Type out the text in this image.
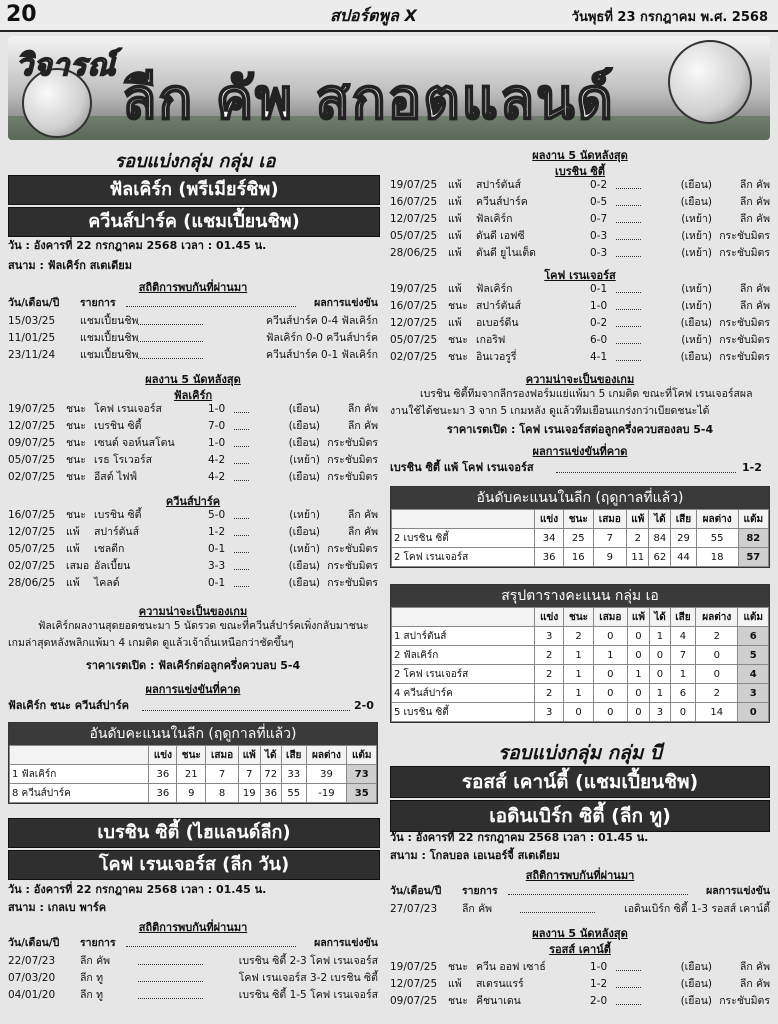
20	สปอร์ตพูล X	วันพุธที่ 23 กรกฎาคม พ.ศ. 2568
วิจารณ์
ลีก คัพ สกอตแลนด์
รอบแบ่งกลุ่ม กลุ่ม เอ
ฟัลเคิร์ก (พรีเมียร์ชิพ)
ควีนส์ปาร์ค (แชมเปี้ยนชิพ)
วัน : อังคารที่ 22 กรกฎาคม 2568 เวลา : 01.45 น.
สนาม : ฟัลเคิร์ก สเตเดียม
สถิติการพบกันที่ผ่านมา
วัน/เดือน/ปี รายการ	ผลการแข่งขัน
15/03/25 แชมเปี้ยนชิพ	ควีนส์ปาร์ค 0-4 ฟัลเคิร์ก
11/01/25 แชมเปี้ยนชิพ	ฟัลเคิร์ก 0-0 ควีนส์ปาร์ค
23/11/24 แชมเปี้ยนชิพ	ควีนส์ปาร์ค 0-1 ฟัลเคิร์ก
ผลงาน 5 นัดหลังสุด
ฟัลเคิร์ก
19/07/25 ชนะ โคฟ เรนเจอร์ส	1-0	(เยือน)	ลีก คัพ
12/07/25 ชนะ เบรชิน ซิตี้	7-0	(เยือน)	ลีก คัพ
09/07/25 ชนะ เซนต์ จอห์นสโตน	1-0	(เยือน) กระชับมิตร
05/07/25 ชนะ เรธ โรเวอร์ส	4-2	(เหย้า) กระชับมิตร
02/07/25 ชนะ อีสต์ ไฟฟ์	4-2	(เยือน) กระชับมิตร
ควีนส์ปาร์ค
16/07/25 ชนะ เบรชิน ซิตี้	5-0	(เหย้า)	ลีก คัพ
12/07/25 แพ้ สปาร์ตันส์	1-2	(เยือน)	ลีก คัพ
05/07/25 แพ้ เชลตีก	0-1	(เหย้า) กระชับมิตร
02/07/25 เสมอ อัลเบี้ยน	3-3	(เยือน) กระชับมิตร
28/06/25 แพ้ ไคลด์	0-1	(เยือน) กระชับมิตร
ความน่าจะเป็นของเกม
ฟัลเคิร์กผลงานสุดยอดชนะมา 5 นัดรวด ขณะที่ควีนส์ปาร์คเพิ่งกลับมาชนะเกมล่าสุดหลังพลิกแพ้มา 4 เกมติด ดูแล้วเจ้าถิ่นเหนือกว่าชัดขึ้นๆ
ราคาเรตเปิด : ฟัลเคิร์กต่อลูกครึ่งควบลบ 5-4
ผลการแข่งขันที่คาด
ฟัลเคิร์ก ชนะ ควีนส์ปาร์ค	2-0
อันดับคะแนนในลีก (ฤดูกาลที่แล้ว)
	แข่ง	ชนะ	เสมอ	แพ้	ได้	เสีย	ผลต่าง	แต้ม
1 ฟัลเคิร์ก	36	21	7	7	72	33	39	73
8 ควีนส์ปาร์ค	36	9	8	19	36	55	-19	35
เบรชิน ซิตี้ (ไฮแลนด์ลีก)
โคฟ เรนเจอร์ส (ลีก วัน)
วัน : อังคารที่ 22 กรกฎาคม 2568 เวลา : 01.45 น.
สนาม : เกลเบ พาร์ค
สถิติการพบกันที่ผ่านมา
วัน/เดือน/ปี รายการ	ผลการแข่งขัน
22/07/23 ลีก คัพ	เบรชิน ซิตี้ 2-3 โคฟ เรนเจอร์ส
07/03/20 ลีก ทู	โคฟ เรนเจอร์ส 3-2 เบรชิน ซิตี้
04/01/20 ลีก ทู	เบรชิน ซิตี้ 1-5 โคฟ เรนเจอร์ส
ผลงาน 5 นัดหลังสุด
เบรชิน ซิตี้
19/07/25 แพ้ สปาร์ตันส์	0-2	(เยือน)	ลีก คัพ
16/07/25 แพ้ ควีนส์ปาร์ค	0-5	(เยือน)	ลีก คัพ
12/07/25 แพ้ ฟัลเคิร์ก	0-7	(เหย้า)	ลีก คัพ
05/07/25 แพ้ ดันดี เอฟซี	0-3	(เหย้า) กระชับมิตร
28/06/25 แพ้ ดันดี ยูไนเต็ด	0-3	(เหย้า) กระชับมิตร
โคฟ เรนเจอร์ส
19/07/25 แพ้ ฟัลเคิร์ก	0-1	(เหย้า)	ลีก คัพ
16/07/25 ชนะ สปาร์ตันส์	1-0	(เหย้า)	ลีก คัพ
12/07/25 แพ้ อเบอร์ดีน	0-2	(เยือน) กระชับมิตร
05/07/25 ชนะ เกอริฟ	6-0	(เหย้า) กระชับมิตร
02/07/25 ชนะ อินเวอรูรี่	4-1	(เยือน) กระชับมิตร
ความน่าจะเป็นของเกม
เบรชิน ซิตี้ทีมจากลีกรองฟอร์มแย่แพ้มา 5 เกมติด ขณะที่โคฟ เรนเจอร์สผลงานใช้ได้ชนะมา 3 จาก 5 เกมหลัง ดูแล้วทีมเยือนแกร่งกว่าเบียดชนะได้
ราคาเรตเปิด : โคฟ เรนเจอร์สต่อลูกครึ่งควบสองลบ 5-4
ผลการแข่งขันที่คาด
เบรชิน ซิตี้ แพ้ โคฟ เรนเจอร์ส	1-2
อันดับคะแนนในลีก (ฤดูกาลที่แล้ว)
	แข่ง	ชนะ	เสมอ	แพ้	ได้	เสีย	ผลต่าง	แต้ม
2 เบรชิน ซิตี้	34	25	7	2	84	29	55	82
2 โคฟ เรนเจอร์ส	36	16	9	11	62	44	18	57
สรุปตารางคะแนน กลุ่ม เอ
	แข่ง	ชนะ	เสมอ	แพ้	ได้	เสีย	ผลต่าง	แต้ม
1 สปาร์ตันส์	3	2	0	0	1	4	2	6
2 ฟัลเคิร์ก	2	1	1	0	0	7	0	5
2 โคฟ เรนเจอร์ส	2	1	0	1	0	1	0	4
4 ควีนส์ปาร์ค	2	1	0	0	1	6	2	3
5 เบรชิน ซิตี้	3	0	0	0	3	0	14	0
รอบแบ่งกลุ่ม กลุ่ม บี
รอสส์ เคาน์ตี้ (แชมเปี้ยนชิพ)
เอดินเบิร์ก ซิตี้ (ลีก ทู)
วัน : อังคารที่ 22 กรกฎาคม 2568 เวลา : 01.45 น.
สนาม : โกลบอล เอเนอร์จี้ สเตเดียม
สถิติการพบกันที่ผ่านมา
วัน/เดือน/ปี รายการ	ผลการแข่งขัน
27/07/23 ลีก คัพ	เอดินเบิร์ก ซิตี้ 1-3 รอสส์ เคาน์ตี้
ผลงาน 5 นัดหลังสุด
รอสส์ เคาน์ตี้
19/07/25 ชนะ ควีน ออฟ เซาธ์	1-0	(เยือน)	ลีก คัพ
12/07/25 แพ้ สเตรนแรร์	1-2	(เยือน)	ลีก คัพ
09/07/25 ชนะ คีชนาเดน	2-0	(เยือน) กระชับมิตร
